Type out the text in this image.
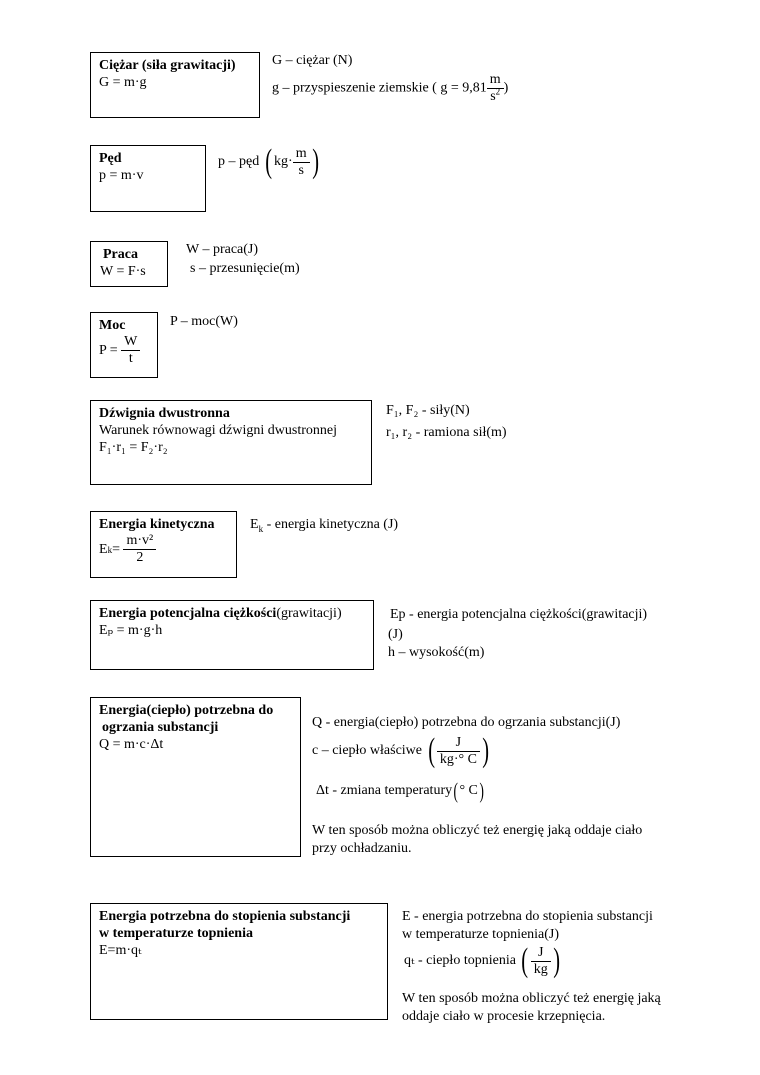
Ciężar (siła grawitacji)
G = m·g
G – ciężar (N)
g – przyspieszenie ziemskie ( $g = 9,81 \frac{m}{s^2}$ )
Pęd
p = m·v
p – pęd
( $kg\cdot \frac{m}{s}$ )
Praca
W = F·s
W – praca(J)
s – przesunięcie(m)
Moc
P =
$\frac{W}{t}$
P – moc(W)
Dźwignia dwustronna
Warunek równowagi dźwigni dwustronnej
F₁·r₁ = F₂·r₂
F₁, F₂ - siły(N)
r₁, r₂ - ramiona sił(m)
Energia kinetyczna
E k =
$\frac{\text{m·v²}}{2}$
$E_k$ - energia kinetyczna (J)
Energia potencjalna ciężkości(grawitacji)
Eₚ = m·g·h
Ep - energia potencjalna ciężkości(grawitacji)
(J)
h – wysokość(m)
Energia(ciepło) potrzebna do
ogrzania substancji
Q = m·c·Δt
Q - energia(ciepło) potrzebna do ogrzania substancji(J)
c – ciepło właściwe
( $\frac{J}{kg\cdot^\circ C}$ )
Δt - zmiana temperatury ( ° C )
W ten sposób można obliczyć też energię jaką oddaje ciało
przy ochładzaniu.
Energia potrzebna do stopienia substancji
w temperaturze topnienia
E=m·qₜ
E - energia potrzebna do stopienia substancji
w temperaturze topnienia(J)
qₜ - ciepło topnienia
( $\frac{J}{kg}$ )
W ten sposób można obliczyć też energię jaką
oddaje ciało w procesie krzepnięcia.
